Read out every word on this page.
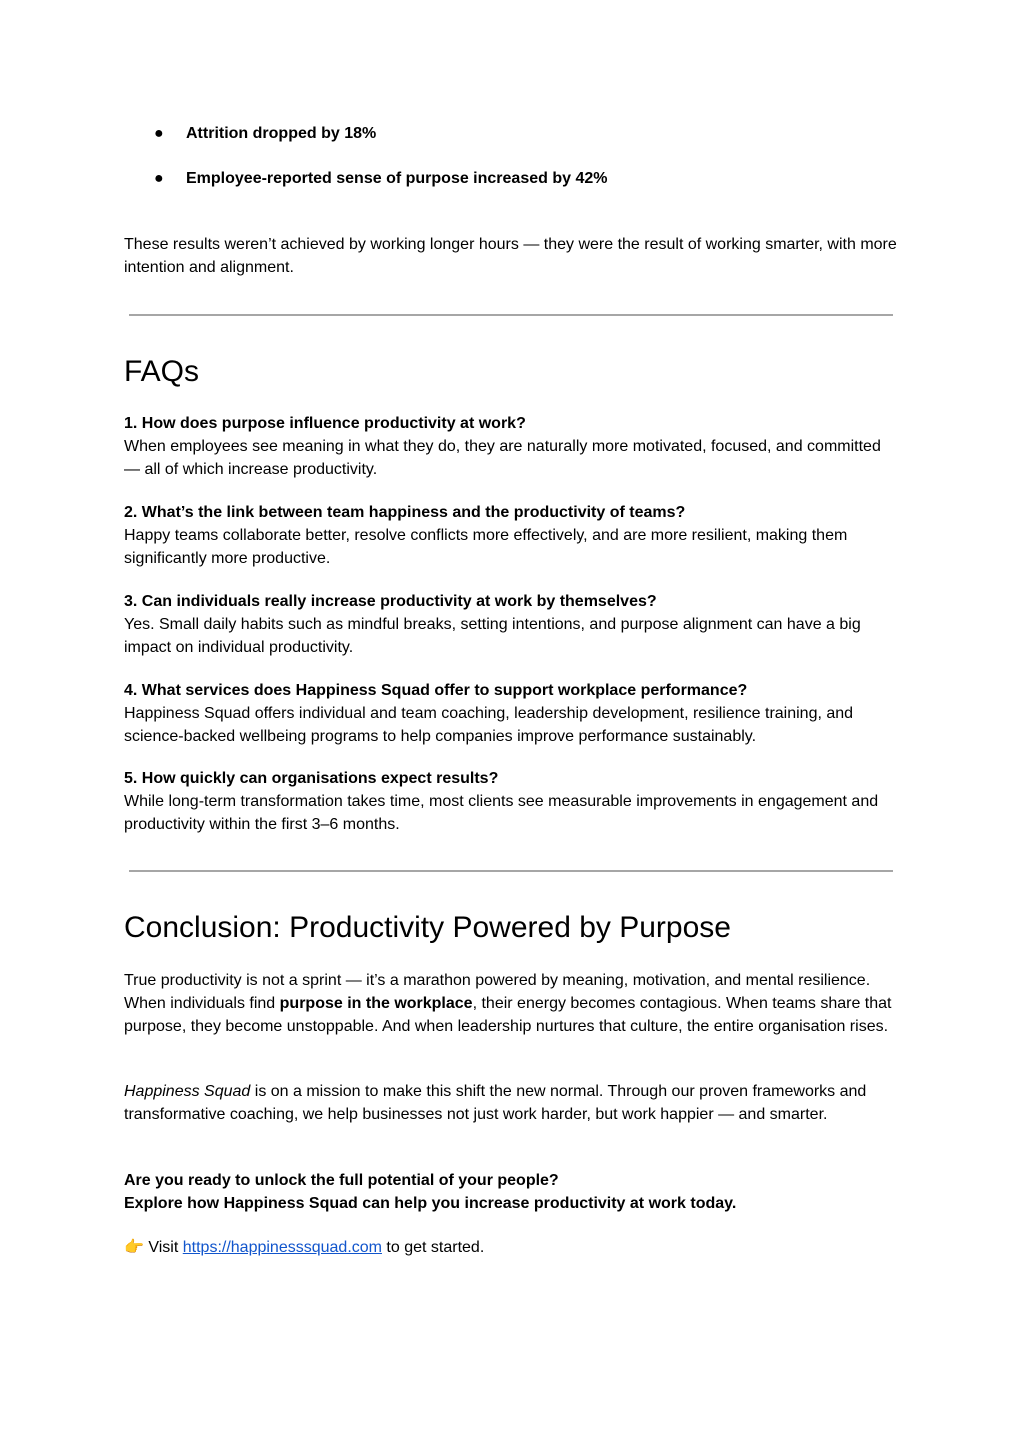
● Attrition dropped by 18%
● Employee-reported sense of purpose increased by 42%

These results weren’t achieved by working longer hours — they were the result of working smarter, with more intention and alignment.

FAQs

1. How does purpose influence productivity at work?

When employees see meaning in what they do, they are naturally more motivated, focused, and committed — all of which increase productivity.

2. What’s the link between team happiness and the productivity of teams?

Happy teams collaborate better, resolve conflicts more effectively, and are more resilient, making them significantly more productive.

3. Can individuals really increase productivity at work by themselves?

Yes. Small daily habits such as mindful breaks, setting intentions, and purpose alignment can have a big impact on individual productivity.

4. What services does Happiness Squad offer to support workplace performance?

Happiness Squad offers individual and team coaching, leadership development, resilience training, and science-backed wellbeing programs to help companies improve performance sustainably.

5. How quickly can organisations expect results?

While long-term transformation takes time, most clients see measurable improvements in engagement and productivity within the first 3–6 months.

Conclusion: Productivity Powered by Purpose

True productivity is not a sprint — it’s a marathon powered by meaning, motivation, and mental resilience. When individuals find purpose in the workplace, their energy becomes contagious. When teams share that purpose, they become unstoppable. And when leadership nurtures that culture, the entire organisation rises.

Happiness Squad is on a mission to make this shift the new normal. Through our proven frameworks and transformative coaching, we help businesses not just work harder, but work happier — and smarter.

Are you ready to unlock the full potential of your people?

Explore how Happiness Squad can help you increase productivity at work today.

👉 Visit https://happinesssquad.com to get started.
